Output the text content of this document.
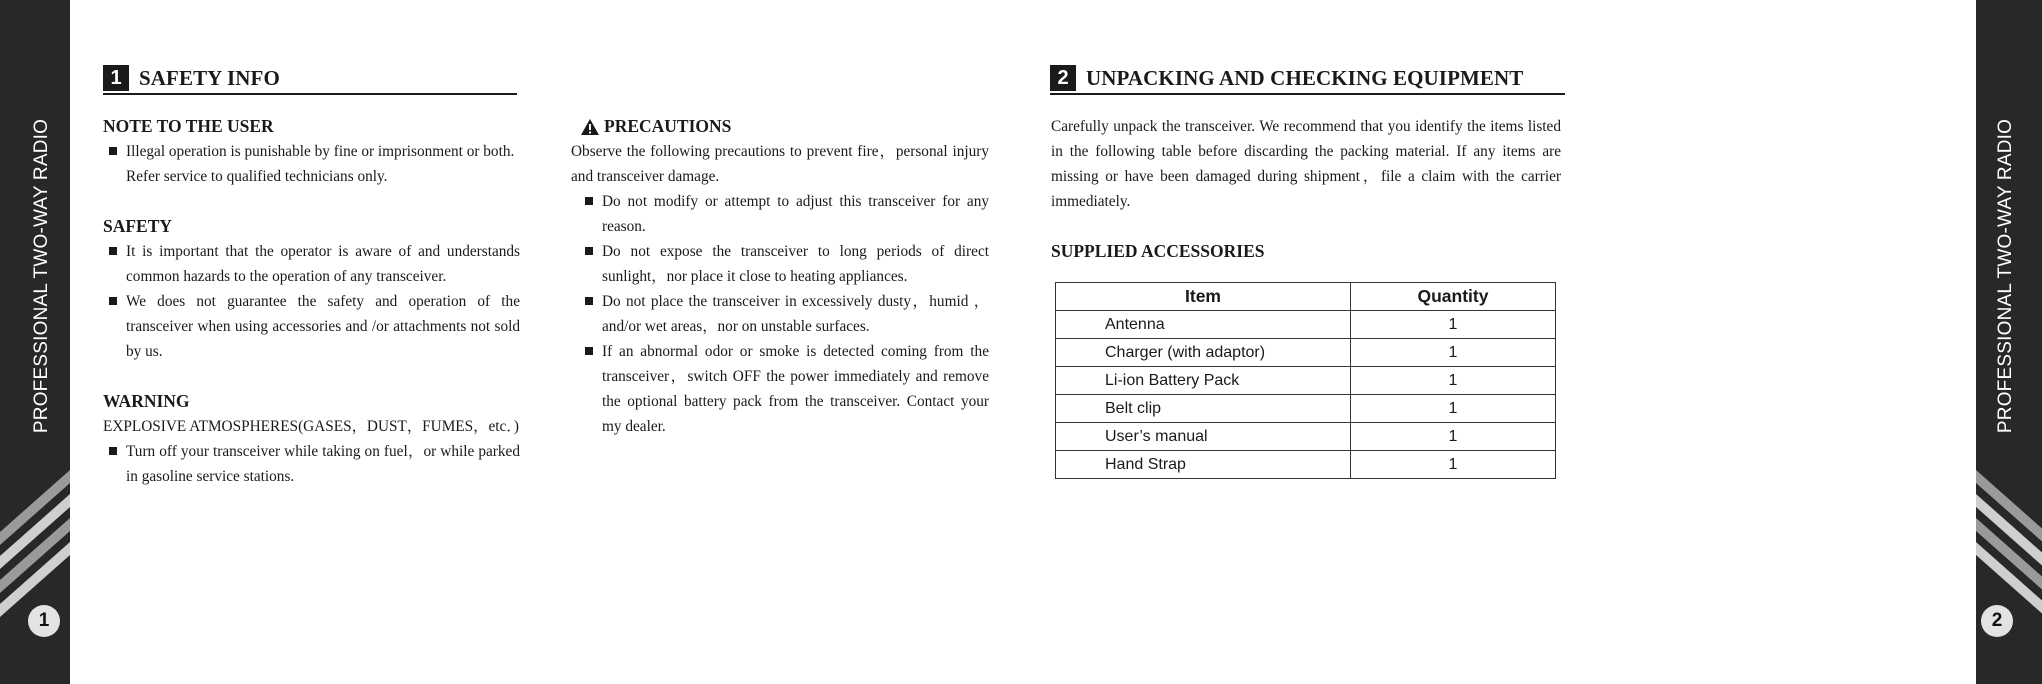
PROFESSIONAL TWO-WAY RADIO
1
PROFESSIONAL TWO-WAY RADIO
2
1 SAFETY INFO
NOTE TO THE USER
Illegal operation is punishable by fine or imprisonment or both.
Refer service to qualified technicians only.
SAFETY
It is important that the operator is aware of and understands common hazards to the operation of any transceiver.
We does not guarantee the safety and operation of the transceiver when using accessories and /or attachments not sold by us.
WARNING
EXPLOSIVE ATMOSPHERES(GASES，DUST，FUMES，etc．)
Turn off your transceiver while taking on fuel，or while parked in gasoline service stations.
PRECAUTIONS
Observe the following precautions to prevent fire，personal injury and transceiver damage.
Do not modify or attempt to adjust this transceiver for any reason.
Do not expose the transceiver to long periods of direct sunlight，nor place it close to heating appliances.
Do not place the transceiver in excessively dusty，humid ，and/or wet areas，nor on unstable surfaces.
If an abnormal odor or smoke is detected coming from the transceiver，switch OFF the power immediately and remove the optional battery pack from the transceiver. Contact your my dealer.
2 UNPACKING AND CHECKING EQUIPMENT
Carefully unpack the transceiver. We recommend that you identify the items listed in the following table before discarding the packing material. If any items are missing or have been damaged during shipment，file a claim with the carrier immediately.
SUPPLIED ACCESSORIES
Item	Quantity
Antenna	1
Charger (with adaptor)	1
Li-ion Battery Pack	1
Belt clip	1
User’s manual	1
Hand Strap	1
